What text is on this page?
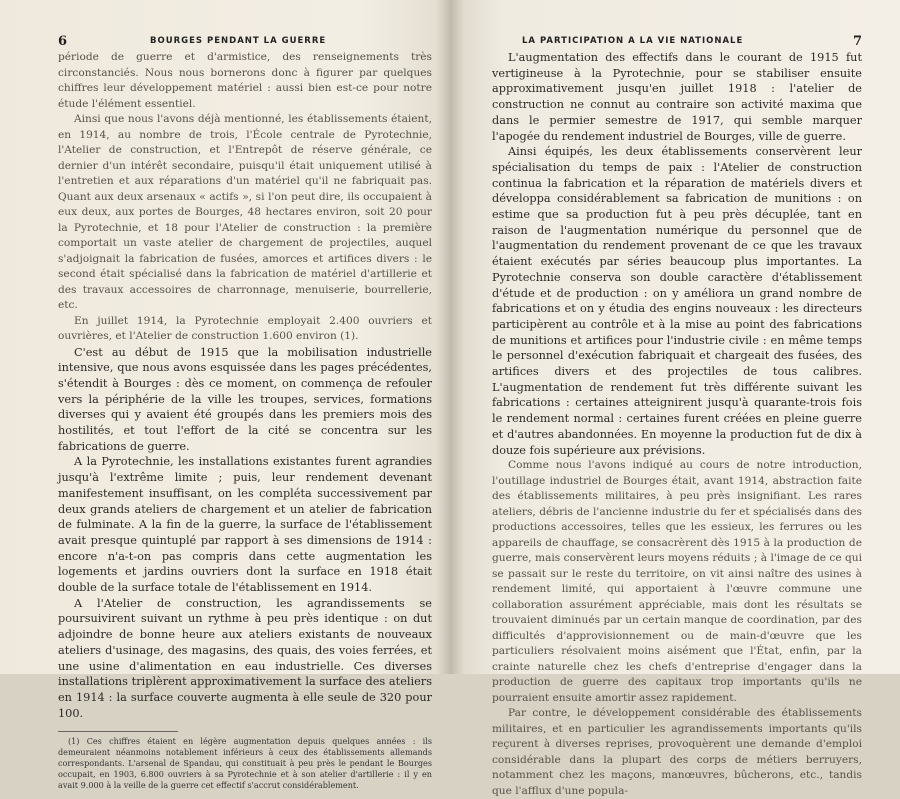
6	BOURGES PENDANT LA GUERRE

période de guerre et d'armistice, des renseignements très circonstanciés. Nous nous bornerons donc à figurer par quelques chiffres leur développement matériel : aussi bien est-ce pour notre étude l'élément essentiel.

Ainsi que nous l'avons déjà mentionné, les établissements étaient, en 1914, au nombre de trois, l'École centrale de Pyrotechnie, l'Atelier de construction, et l'Entrepôt de réserve générale, ce dernier d'un intérêt secondaire, puisqu'il était uniquement utilisé à l'entretien et aux réparations d'un matériel qu'il ne fabriquait pas. Quant aux deux arsenaux « actifs », si l'on peut dire, ils occupaient à eux deux, aux portes de Bourges, 48 hectares environ, soit 20 pour la Pyrotechnie, et 18 pour l'Atelier de construction : la première comportait un vaste atelier de chargement de projectiles, auquel s'adjoignait la fabrication de fusées, amorces et artifices divers : le second était spécialisé dans la fabrication de matériel d'artillerie et des travaux accessoires de charronnage, menuiserie, bourrellerie, etc.

En juillet 1914, la Pyrotechnie employait 2.400 ouvriers et ouvrières, et l'Atelier de construction 1.600 environ (1).

C'est au début de 1915 que la mobilisation industrielle intensive, que nous avons esquissée dans les pages précédentes, s'étendit à Bourges : dès ce moment, on commença de refouler vers la périphérie de la ville les troupes, services, formations diverses qui y avaient été groupés dans les premiers mois des hostilités, et tout l'effort de la cité se concentra sur les fabrications de guerre.

A la Pyrotechnie, les installations existantes furent agrandies jusqu'à l'extrême limite ; puis, leur rendement devenant manifestement insuffisant, on les compléta successivement par deux grands ateliers de chargement et un atelier de fabrication de fulminate. A la fin de la guerre, la surface de l'établissement avait presque quintuplé par rapport à ses dimensions de 1914 : encore n'a-t-on pas compris dans cette augmentation les logements et jardins ouvriers dont la surface en 1918 était double de la surface totale de l'établissement en 1914.

A l'Atelier de construction, les agrandissements se poursuivirent suivant un rythme à peu près identique : on dut adjoindre de bonne heure aux ateliers existants de nouveaux ateliers d'usinage, des magasins, des quais, des voies ferrées, et une usine d'alimentation en eau industrielle. Ces diverses installations triplèrent approximativement la surface des ateliers en 1914 : la surface couverte augmenta à elle seule de 320 pour 100.

(1) Ces chiffres étaient en légère augmentation depuis quelques années : ils demeuraient néanmoins notablement inférieurs à ceux des établissements allemands correspondants. L'arsenal de Spandau, qui constituait à peu près le pendant le Bourges occupait, en 1903, 6.800 ouvriers à sa Pyrotechnie et à son atelier d'artillerie : il y en avait 9.000 à la veille de la guerre cet effectif s'accrut considérablement.
LA PARTICIPATION A LA VIE NATIONALE	7

L'augmentation des effectifs dans le courant de 1915 fut vertigineuse à la Pyrotechnie, pour se stabiliser ensuite approximativement jusqu'en juillet 1918 : l'atelier de construction ne connut au contraire son activité maxima que dans le permier semestre de 1917, qui semble marquer l'apogée du rendement industriel de Bourges, ville de guerre.

Ainsi équipés, les deux établissements conservèrent leur spécialisation du temps de paix : l'Atelier de construction continua la fabrication et la réparation de matériels divers et développa considérablement sa fabrication de munitions : on estime que sa production fut à peu près décuplée, tant en raison de l'augmentation numérique du personnel que de l'augmentation du rendement provenant de ce que les travaux étaient exécutés par séries beaucoup plus importantes. La Pyrotechnie conserva son double caractère d'établissement d'étude et de production : on y améliora un grand nombre de fabrications et on y étudia des engins nouveaux : les directeurs participèrent au contrôle et à la mise au point des fabrications de munitions et artifices pour l'industrie civile : en même temps le personnel d'exécution fabriquait et chargeait des fusées, des artifices divers et des projectiles de tous calibres. L'augmentation de rendement fut très différente suivant les fabrications : certaines atteignirent jusqu'à quarante-trois fois le rendement normal : certaines furent créées en pleine guerre et d'autres abandonnées. En moyenne la production fut de dix à douze fois supérieure aux prévisions.

Comme nous l'avons indiqué au cours de notre introduction, l'outillage industriel de Bourges était, avant 1914, abstraction faite des établissements militaires, à peu près insignifiant. Les rares ateliers, débris de l'ancienne industrie du fer et spécialisés dans des productions accessoires, telles que les essieux, les ferrures ou les appareils de chauffage, se consacrèrent dès 1915 à la production de guerre, mais conservèrent leurs moyens réduits ; à l'image de ce qui se passait sur le reste du territoire, on vit ainsi naître des usines à rendement limité, qui apportaient à l'œuvre commune une collaboration assurément appréciable, mais dont les résultats se trouvaient diminués par un certain manque de coordination, par des difficultés d'approvisionnement ou de main-d'œuvre que les particuliers résolvaient moins aisément que l'État, enfin, par la crainte naturelle chez les chefs d'entreprise d'engager dans la production de guerre des capitaux trop importants qu'ils ne pourraient ensuite amortir assez rapidement.

Par contre, le développement considérable des établissements militaires, et en particulier les agrandissements importants qu'ils reçurent à diverses reprises, provoquèrent une demande d'emploi considérable dans la plupart des corps de métiers berruyers, notamment chez les maçons, manœuvres, bûcherons, etc., tandis que l'afflux d'une popula-
